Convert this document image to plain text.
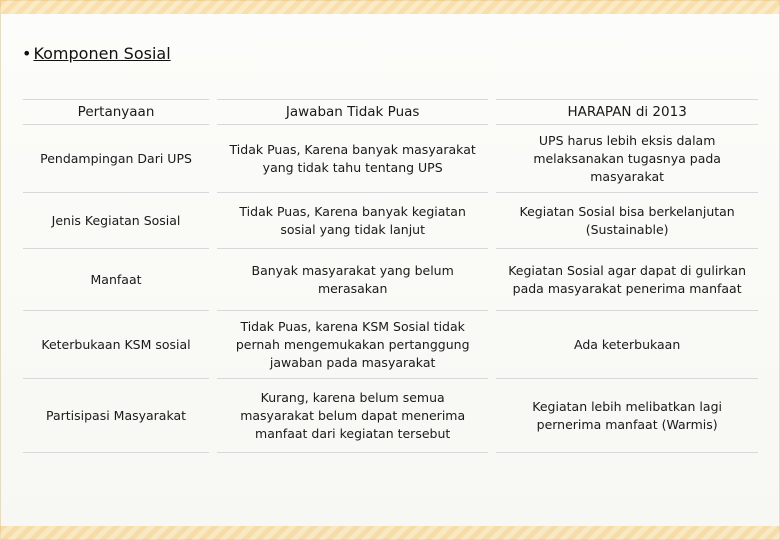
• Komponen Sosial
Pertanyaan		Jawaban Tidak Puas		HARAPAN di 2013
Pendampingan Dari UPS		Tidak Puas, Karena banyak masyarakat yang tidak tahu tentang UPS		UPS harus lebih eksis dalam melaksanakan tugasnya pada masyarakat
Jenis Kegiatan Sosial		Tidak Puas, Karena banyak kegiatan sosial yang tidak lanjut		Kegiatan Sosial bisa berkelanjutan (Sustainable)
Manfaat		Banyak masyarakat yang belum merasakan		Kegiatan Sosial agar dapat di gulirkan pada masyarakat penerima manfaat
Keterbukaan KSM sosial		Tidak Puas, karena KSM Sosial tidak pernah mengemukakan pertanggung jawaban pada masyarakat		Ada keterbukaan
Partisipasi Masyarakat		Kurang, karena belum semua masyarakat belum dapat menerima manfaat dari kegiatan tersebut		Kegiatan lebih melibatkan lagi pernerima manfaat (Warmis)
